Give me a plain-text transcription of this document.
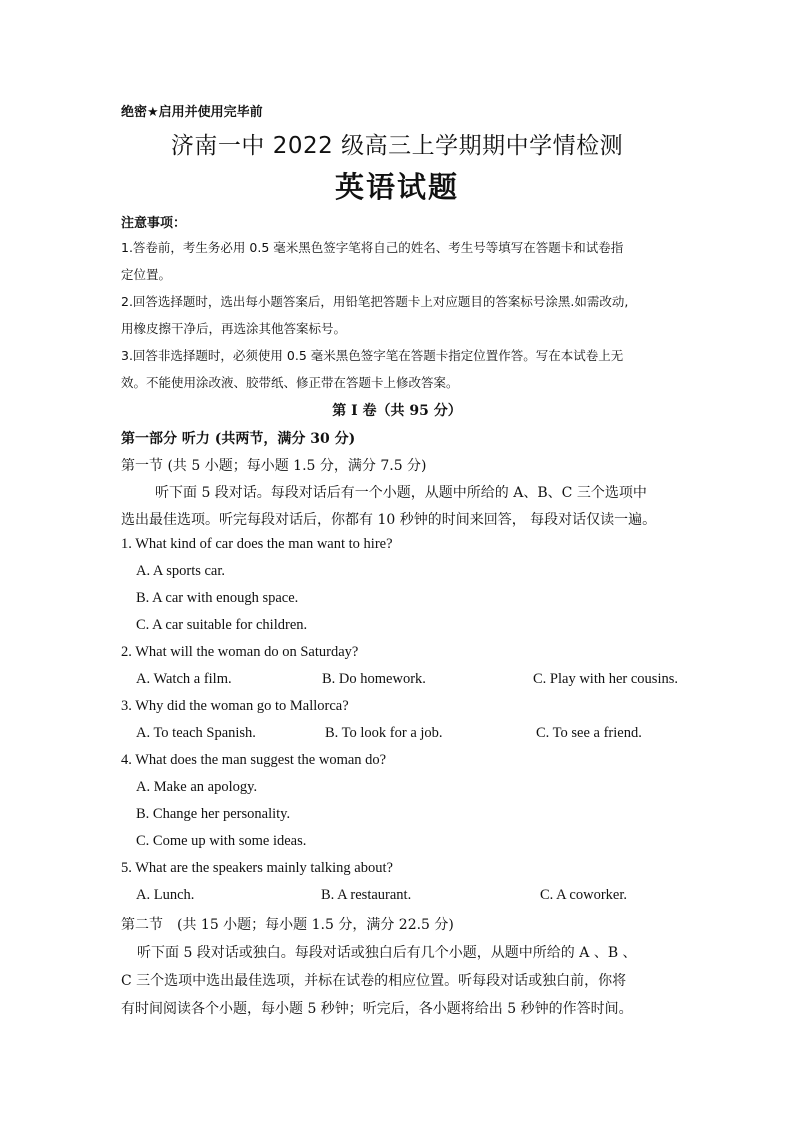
绝密★启用并使用完毕前
济南一中 2022 级高三上学期期中学情检测
英语试题
注意事项：
1.答卷前，考生务必用 0.5 毫米黑色签字笔将自己的姓名、考生号等填写在答题卡和试卷指
定位置。
2.回答选择题时，选出每小题答案后，用铅笔把答题卡上对应题目的答案标号涂黑.如需改动,
用橡皮擦干净后，再选涂其他答案标号。
3.回答非选择题时，必须使用 0.5 毫米黑色签字笔在答题卡指定位置作答。写在本试卷上无
效。不能使用涂改液、胶带纸、修正带在答题卡上修改答案。
第 I 卷（共 95 分）
第一部分 听力 (共两节，满分 30 分)
第一节 (共 5 小题；每小题 1.5 分，满分 7.5 分)
听下面 5 段对话。每段对话后有一个小题，从题中所给的 A、B、C 三个选项中
选出最佳选项。听完每段对话后，你都有 10 秒钟的时间来回答， 每段对话仅读一遍。
1. What kind of car does the man want to hire?
A. A sports car.
B. A car with enough space.
C. A car suitable for children.
2. What will the woman do on Saturday?
A. Watch a film.	B. Do homework.	C. Play with her cousins.
3. Why did the woman go to Mallorca?
A. To teach Spanish.	B. To look for a job.	C. To see a friend.
4. What does the man suggest the woman do?
A. Make an apology.
B. Change her personality.
C. Come up with some ideas.
5. What are the speakers mainly talking about?
A. Lunch.	B. A restaurant.	C. A coworker.
第二节　(共 15 小题；每小题 1.5 分，满分 22.5 分)
听下面 5 段对话或独白。每段对话或独白后有几个小题，从题中所给的 A 、B 、
C 三个选项中选出最佳选项，并标在试卷的相应位置。听每段对话或独白前，你将
有时间阅读各个小题，每小题 5 秒钟；听完后，各小题将给出 5 秒钟的作答时间。
